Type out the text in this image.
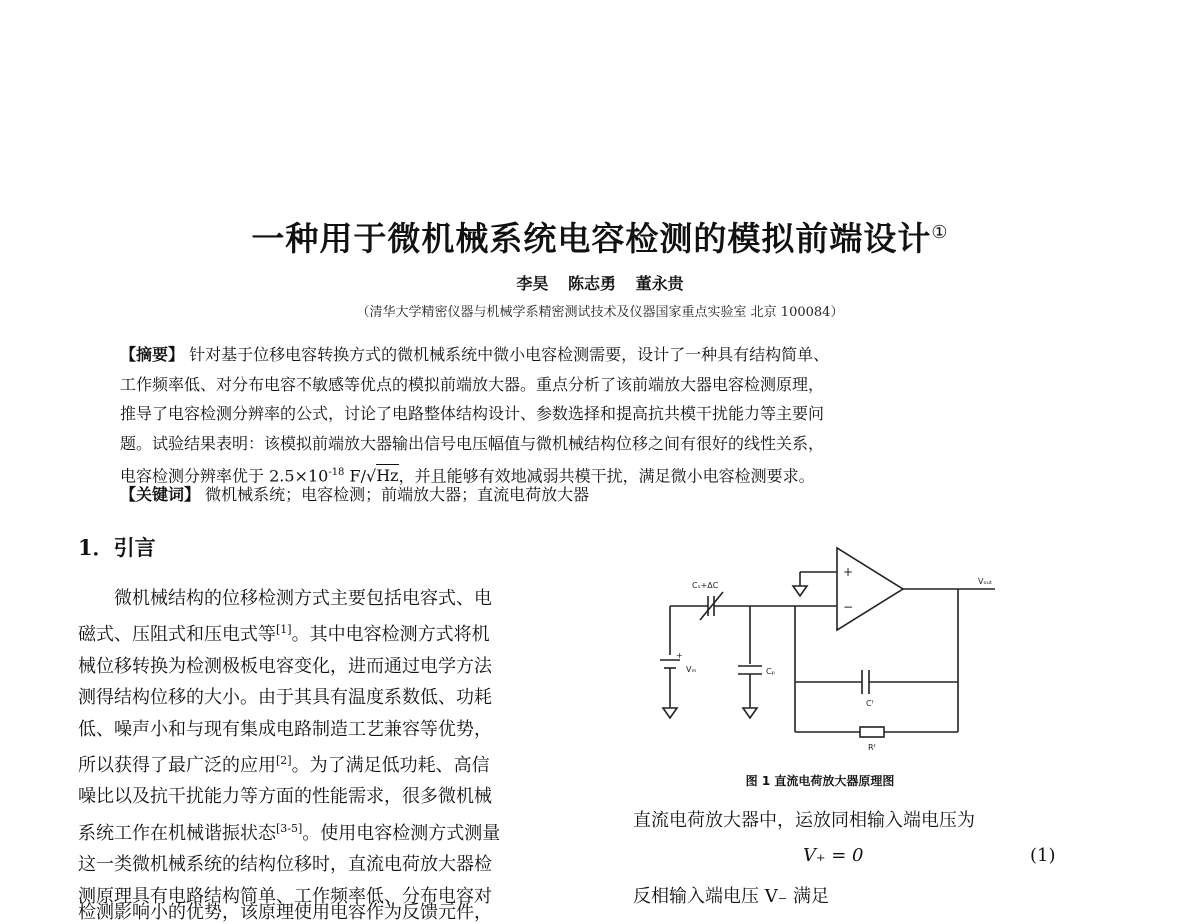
一种用于微机械系统电容检测的模拟前端设计①
李昊 陈志勇 董永贵
（清华大学精密仪器与机械学系精密测试技术及仪器国家重点实验室 北京 100084）
【摘要】 针对基于位移电容转换方式的微机械系统中微小电容检测需要，设计了一种具有结构简单、
工作频率低、对分布电容不敏感等优点的模拟前端放大器。重点分析了该前端放大器电容检测原理，
推导了电容检测分辨率的公式，讨论了电路整体结构设计、参数选择和提高抗共模干扰能力等主要问
题。试验结果表明：该模拟前端放大器输出信号电压幅值与微机械结构位移之间有很好的线性关系，
电容检测分辨率优于 $2.5\times 10^{-18}$ F/√Hz，并且能够有效地减弱共模干扰，满足微小电容检测要求。
【关键词】 微机械系统；电容检测；前端放大器；直流电荷放大器
1．引言
微机械结构的位移检测方式主要包括电容式、电
磁式、压阻式和压电式等[1]。其中电容检测方式将机
械位移转换为检测极板电容变化，进而通过电学方法
测得结构位移的大小。由于其具有温度系数低、功耗
低、噪声小和与现有集成电路制造工艺兼容等优势，
所以获得了最广泛的应用[2]。为了满足低功耗、高信
噪比以及抗干扰能力等方面的性能需求，很多微机械
系统工作在机械谐振状态[3-5]。使用电容检测方式测量
这一类微机械系统的结构位移时，直流电荷放大器检
测原理具有电路结构简单、工作频率低、分布电容对
检测影响小的优势，该原理使用电容作为反馈元件，
+
−
+
Cₛ+ΔC	Vₒᵤₜ
Vₘ	Cₚ
Cᶠ
Rᶠ
图 1 直流电荷放大器原理图
直流电荷放大器中，运放同相输入端电压为
V₊ = 0	(1)
反相输入端电压 V₋ 满足
